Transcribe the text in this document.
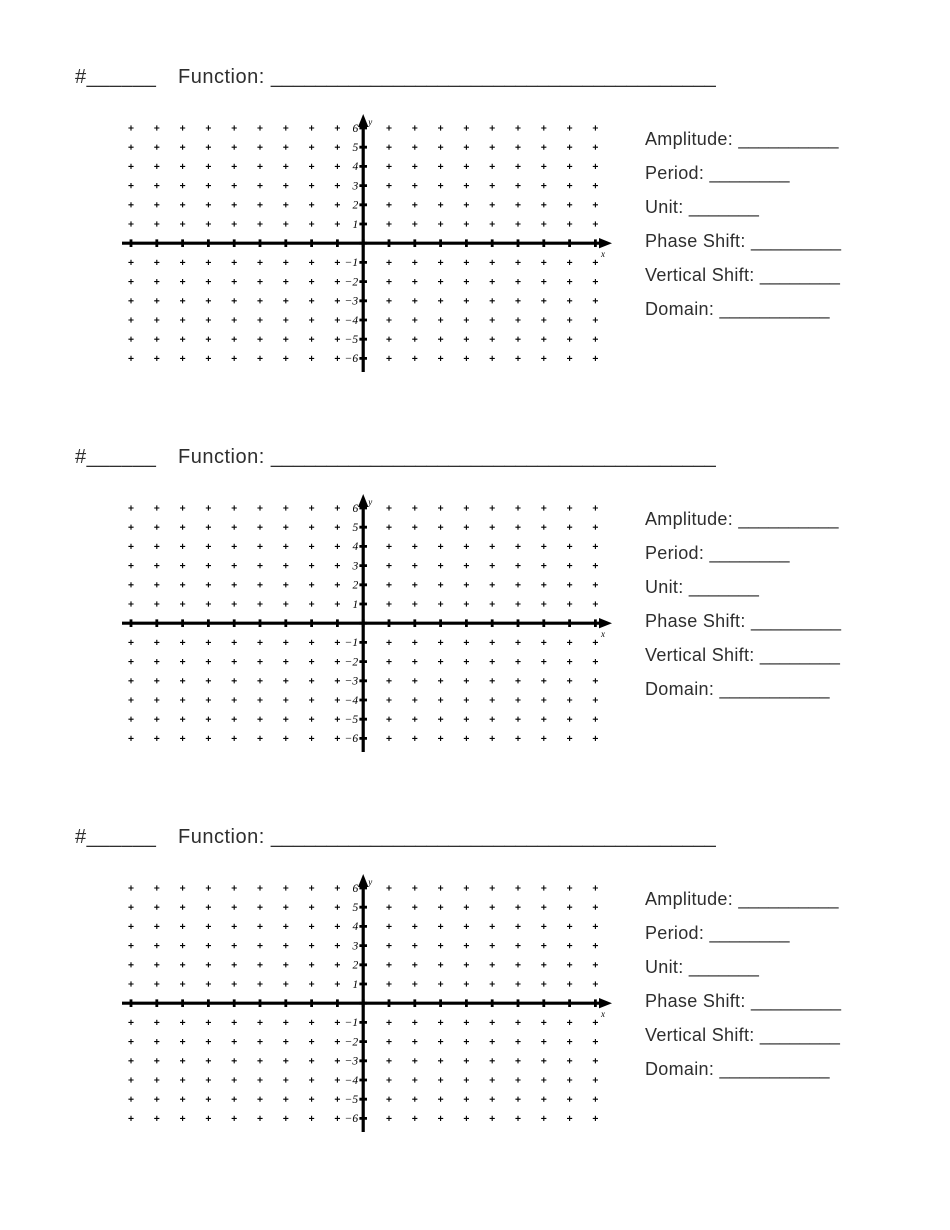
#______ Function: ________________________________________
6
5
4
3
2
1
−1
−2
−3
−4
−5
−6
y
x
Amplitude: __________
Period: ________
Unit: _______
Phase Shift: _________
Vertical Shift: ________
Domain: ___________
#______ Function: ________________________________________
6
5
4
3
2
1
−1
−2
−3
−4
−5
−6
y
x
Amplitude: __________
Period: ________
Unit: _______
Phase Shift: _________
Vertical Shift: ________
Domain: ___________
#______ Function: ________________________________________
6
5
4
3
2
1
−1
−2
−3
−4
−5
−6
y
x
Amplitude: __________
Period: ________
Unit: _______
Phase Shift: _________
Vertical Shift: ________
Domain: ___________
